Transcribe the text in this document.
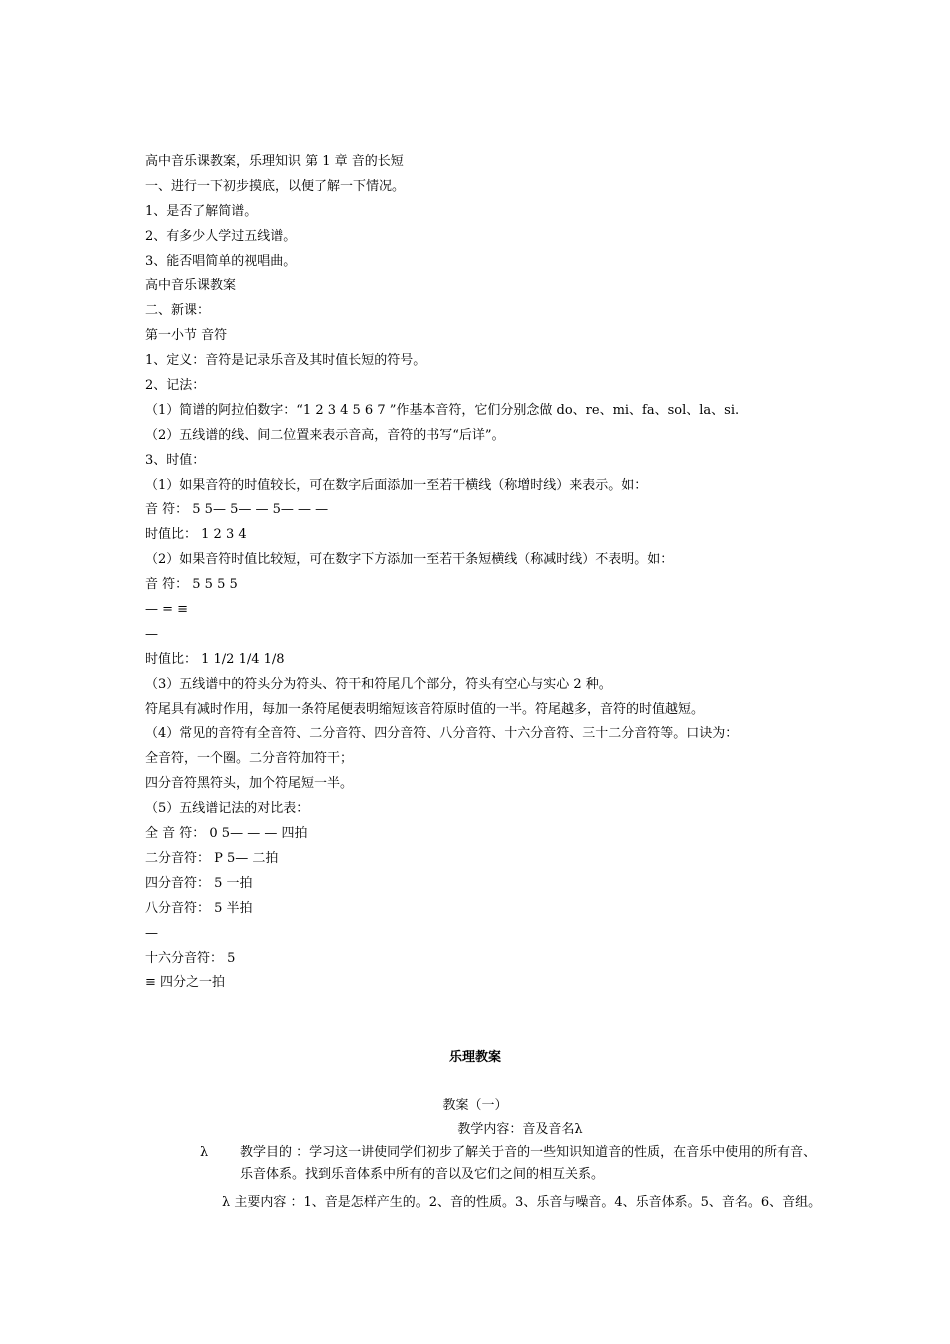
高中音乐课教案，乐理知识 第 1 章 音的长短
一、进行一下初步摸底，以便了解一下情况。
1、是否了解简谱。
2、有多少人学过五线谱。
3、能否唱简单的视唱曲。
高中音乐课教案
二、新课：
第一小节 音符
1、定义：音符是记录乐音及其时值长短的符号。
2、记法：
（1）简谱的阿拉伯数字：“1 2 3 4 5 6 7 ”作基本音符，它们分别念做 do、re、mi、fa、sol、la、si.
（2）五线谱的线、间二位置来表示音高，音符的书写“后详”。
3、时值：
（1）如果音符的时值较长，可在数字后面添加一至若干横线（称增时线）来表示。如：
音 符： 5 5— 5— — 5— — —
时值比： 1 2 3 4
（2）如果音符时值比较短，可在数字下方添加一至若干条短横线（称减时线）不表明。如：
音 符： 5 5 5 5
— = ≡
—
时值比： 1 1/2 1/4 1/8
（3）五线谱中的符头分为符头、符干和符尾几个部分，符头有空心与实心 2 种。
符尾具有减时作用，每加一条符尾便表明缩短该音符原时值的一半。符尾越多，音符的时值越短。
（4）常见的音符有全音符、二分音符、四分音符、八分音符、十六分音符、三十二分音符等。口诀为：
全音符，一个圈。二分音符加符干；
四分音符黑符头，加个符尾短一半。
（5）五线谱记法的对比表：
全 音 符： 0 5— — — 四拍
二分音符： P 5— 二拍
四分音符： 5 一拍
八分音符： 5 半拍
—
十六分音符： 5
≡ 四分之一拍
乐理教案
教案（一）
教学内容：音及音名λ
λ 教学目的 ：学习这一讲使同学们初步了解关于音的一些知识知道音的性质，在音乐中使用的所有音、乐音体系。找到乐音体系中所有的音以及它们之间的相互关系。
λ 主要内容 ：1、音是怎样产生的。2、音的性质。3、乐音与噪音。4、乐音体系。5、音名。6、音组。
